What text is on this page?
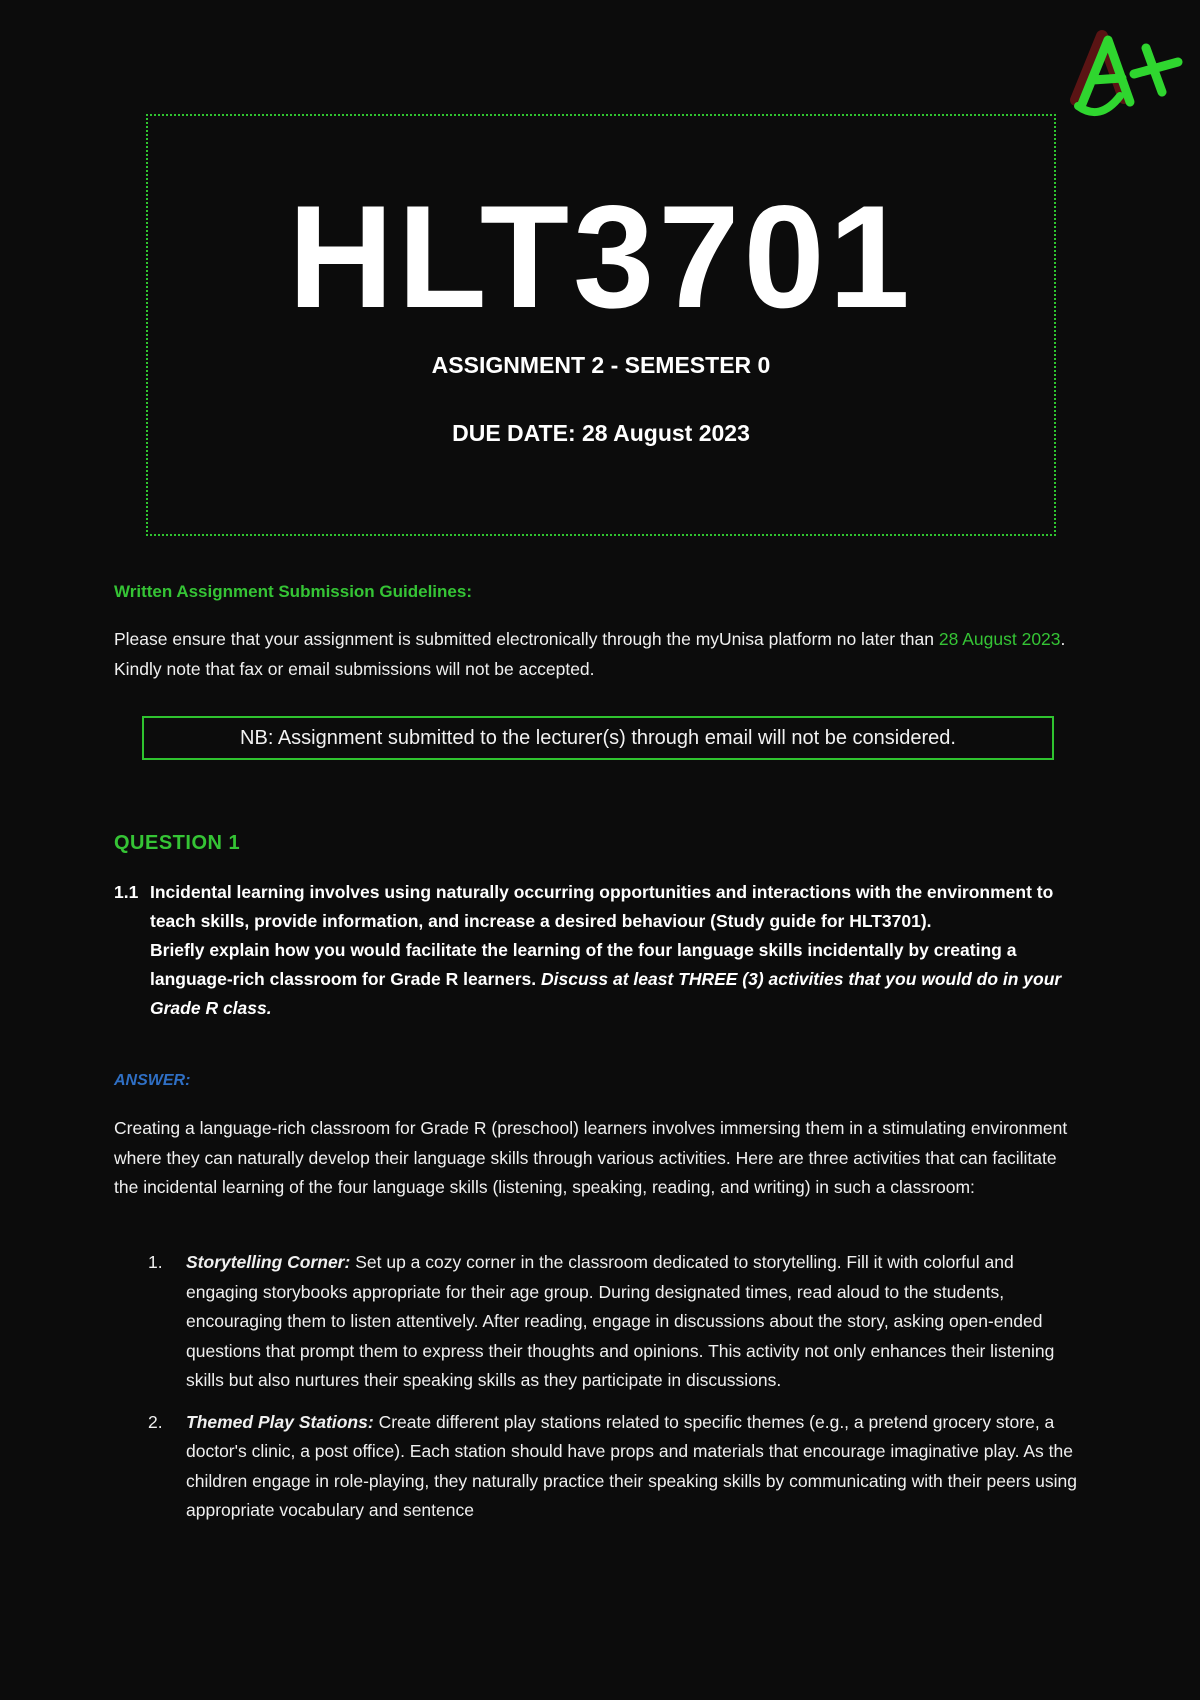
HLT3701
ASSIGNMENT 2 - SEMESTER 0
DUE DATE: 28 August 2023
Written Assignment Submission Guidelines:
Please ensure that your assignment is submitted electronically through the myUnisa platform no later than 28 August 2023. Kindly note that fax or email submissions will not be accepted.
NB: Assignment submitted to the lecturer(s) through email will not be considered.
QUESTION 1
1.1 Incidental learning involves using naturally occurring opportunities and interactions with the environment to teach skills, provide information, and increase a desired behaviour (Study guide for HLT3701).
Briefly explain how you would facilitate the learning of the four language skills incidentally by creating a language-rich classroom for Grade R learners. Discuss at least THREE (3) activities that you would do in your Grade R class.
ANSWER:
Creating a language-rich classroom for Grade R (preschool) learners involves immersing them in a stimulating environment where they can naturally develop their language skills through various activities. Here are three activities that can facilitate the incidental learning of the four language skills (listening, speaking, reading, and writing) in such a classroom:
1. Storytelling Corner: Set up a cozy corner in the classroom dedicated to storytelling. Fill it with colorful and engaging storybooks appropriate for their age group. During designated times, read aloud to the students, encouraging them to listen attentively. After reading, engage in discussions about the story, asking open-ended questions that prompt them to express their thoughts and opinions. This activity not only enhances their listening skills but also nurtures their speaking skills as they participate in discussions.
2. Themed Play Stations: Create different play stations related to specific themes (e.g., a pretend grocery store, a doctor's clinic, a post office). Each station should have props and materials that encourage imaginative play. As the children engage in role-playing, they naturally practice their speaking skills by communicating with their peers using appropriate vocabulary and sentence
